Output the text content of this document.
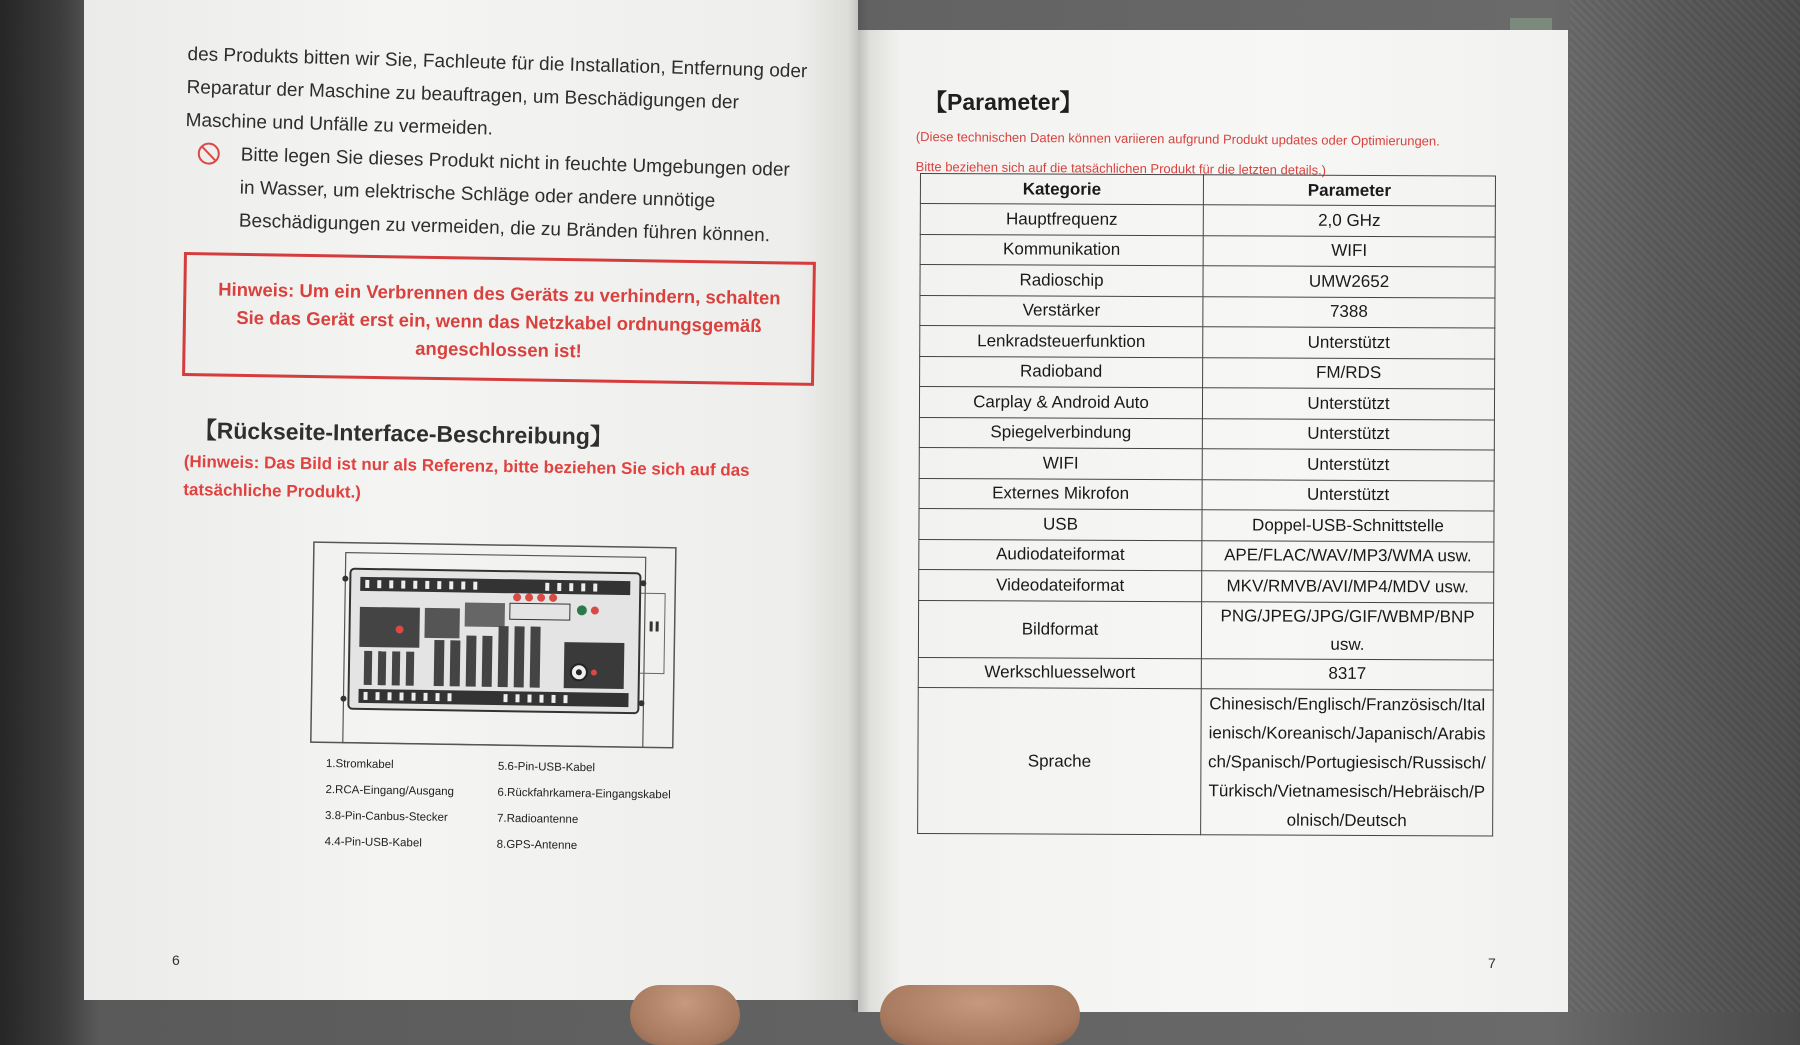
des Produkts bitten wir Sie, Fachleute für die Installation, Entfernung oder Reparatur der Maschine zu beauftragen, um Beschädigungen der Maschine und Unfälle zu vermeiden.

Bitte legen Sie dieses Produkt nicht in feuchte Umgebungen oder in Wasser, um elektrische Schläge oder andere unnötige Beschädigungen zu vermeiden, die zu Bränden führen können.

Hinweis: Um ein Verbrennen des Geräts zu verhindern, schalten Sie das Gerät erst ein, wenn das Netzkabel ordnungsgemäß angeschlossen ist!
【Rückseite-Interface-Beschreibung】
(Hinweis: Das Bild ist nur als Referenz, bitte beziehen Sie sich auf das tatsächliche Produkt.)
1.Stromkabel
2.RCA-Eingang/Ausgang
3.8-Pin-Canbus-Stecker
4.4-Pin-USB-Kabel
5.6-Pin-USB-Kabel
6.Rückfahrkamera-Eingangskabel
7.Radioantenne
8.GPS-Antenne
6
【Parameter】
(Diese technischen Daten können variieren aufgrund Produkt updates oder Optimierungen.
Bitte beziehen sich auf die tatsächlichen Produkt für die letzten details.)
Kategorie	Parameter
Hauptfrequenz	2,0 GHz
Kommunikation	WIFI
Radioschip	UMW2652
Verstärker	7388
Lenkradsteuerfunktion	Unterstützt
Radioband	FM/RDS
Carplay & Android Auto	Unterstützt
Spiegelverbindung	Unterstützt
WIFI	Unterstützt
Externes Mikrofon	Unterstützt
USB	Doppel-USB-Schnittstelle
Audiodateiformat	APE/FLAC/WAV/MP3/WMA usw.
Videodateiformat	MKV/RMVB/AVI/MP4/MDV usw.
Bildformat	PNG/JPEG/JPG/GIF/WBMP/BNP usw.
Werkschluesselwort	8317
Sprache	Chinesisch/Englisch/Französisch/Italienisch/Koreanisch/Japanisch/Arabisch/Spanisch/Portugiesisch/Russisch/Türkisch/Vietnamesisch/Hebräisch/Polnisch/Deutsch
7
